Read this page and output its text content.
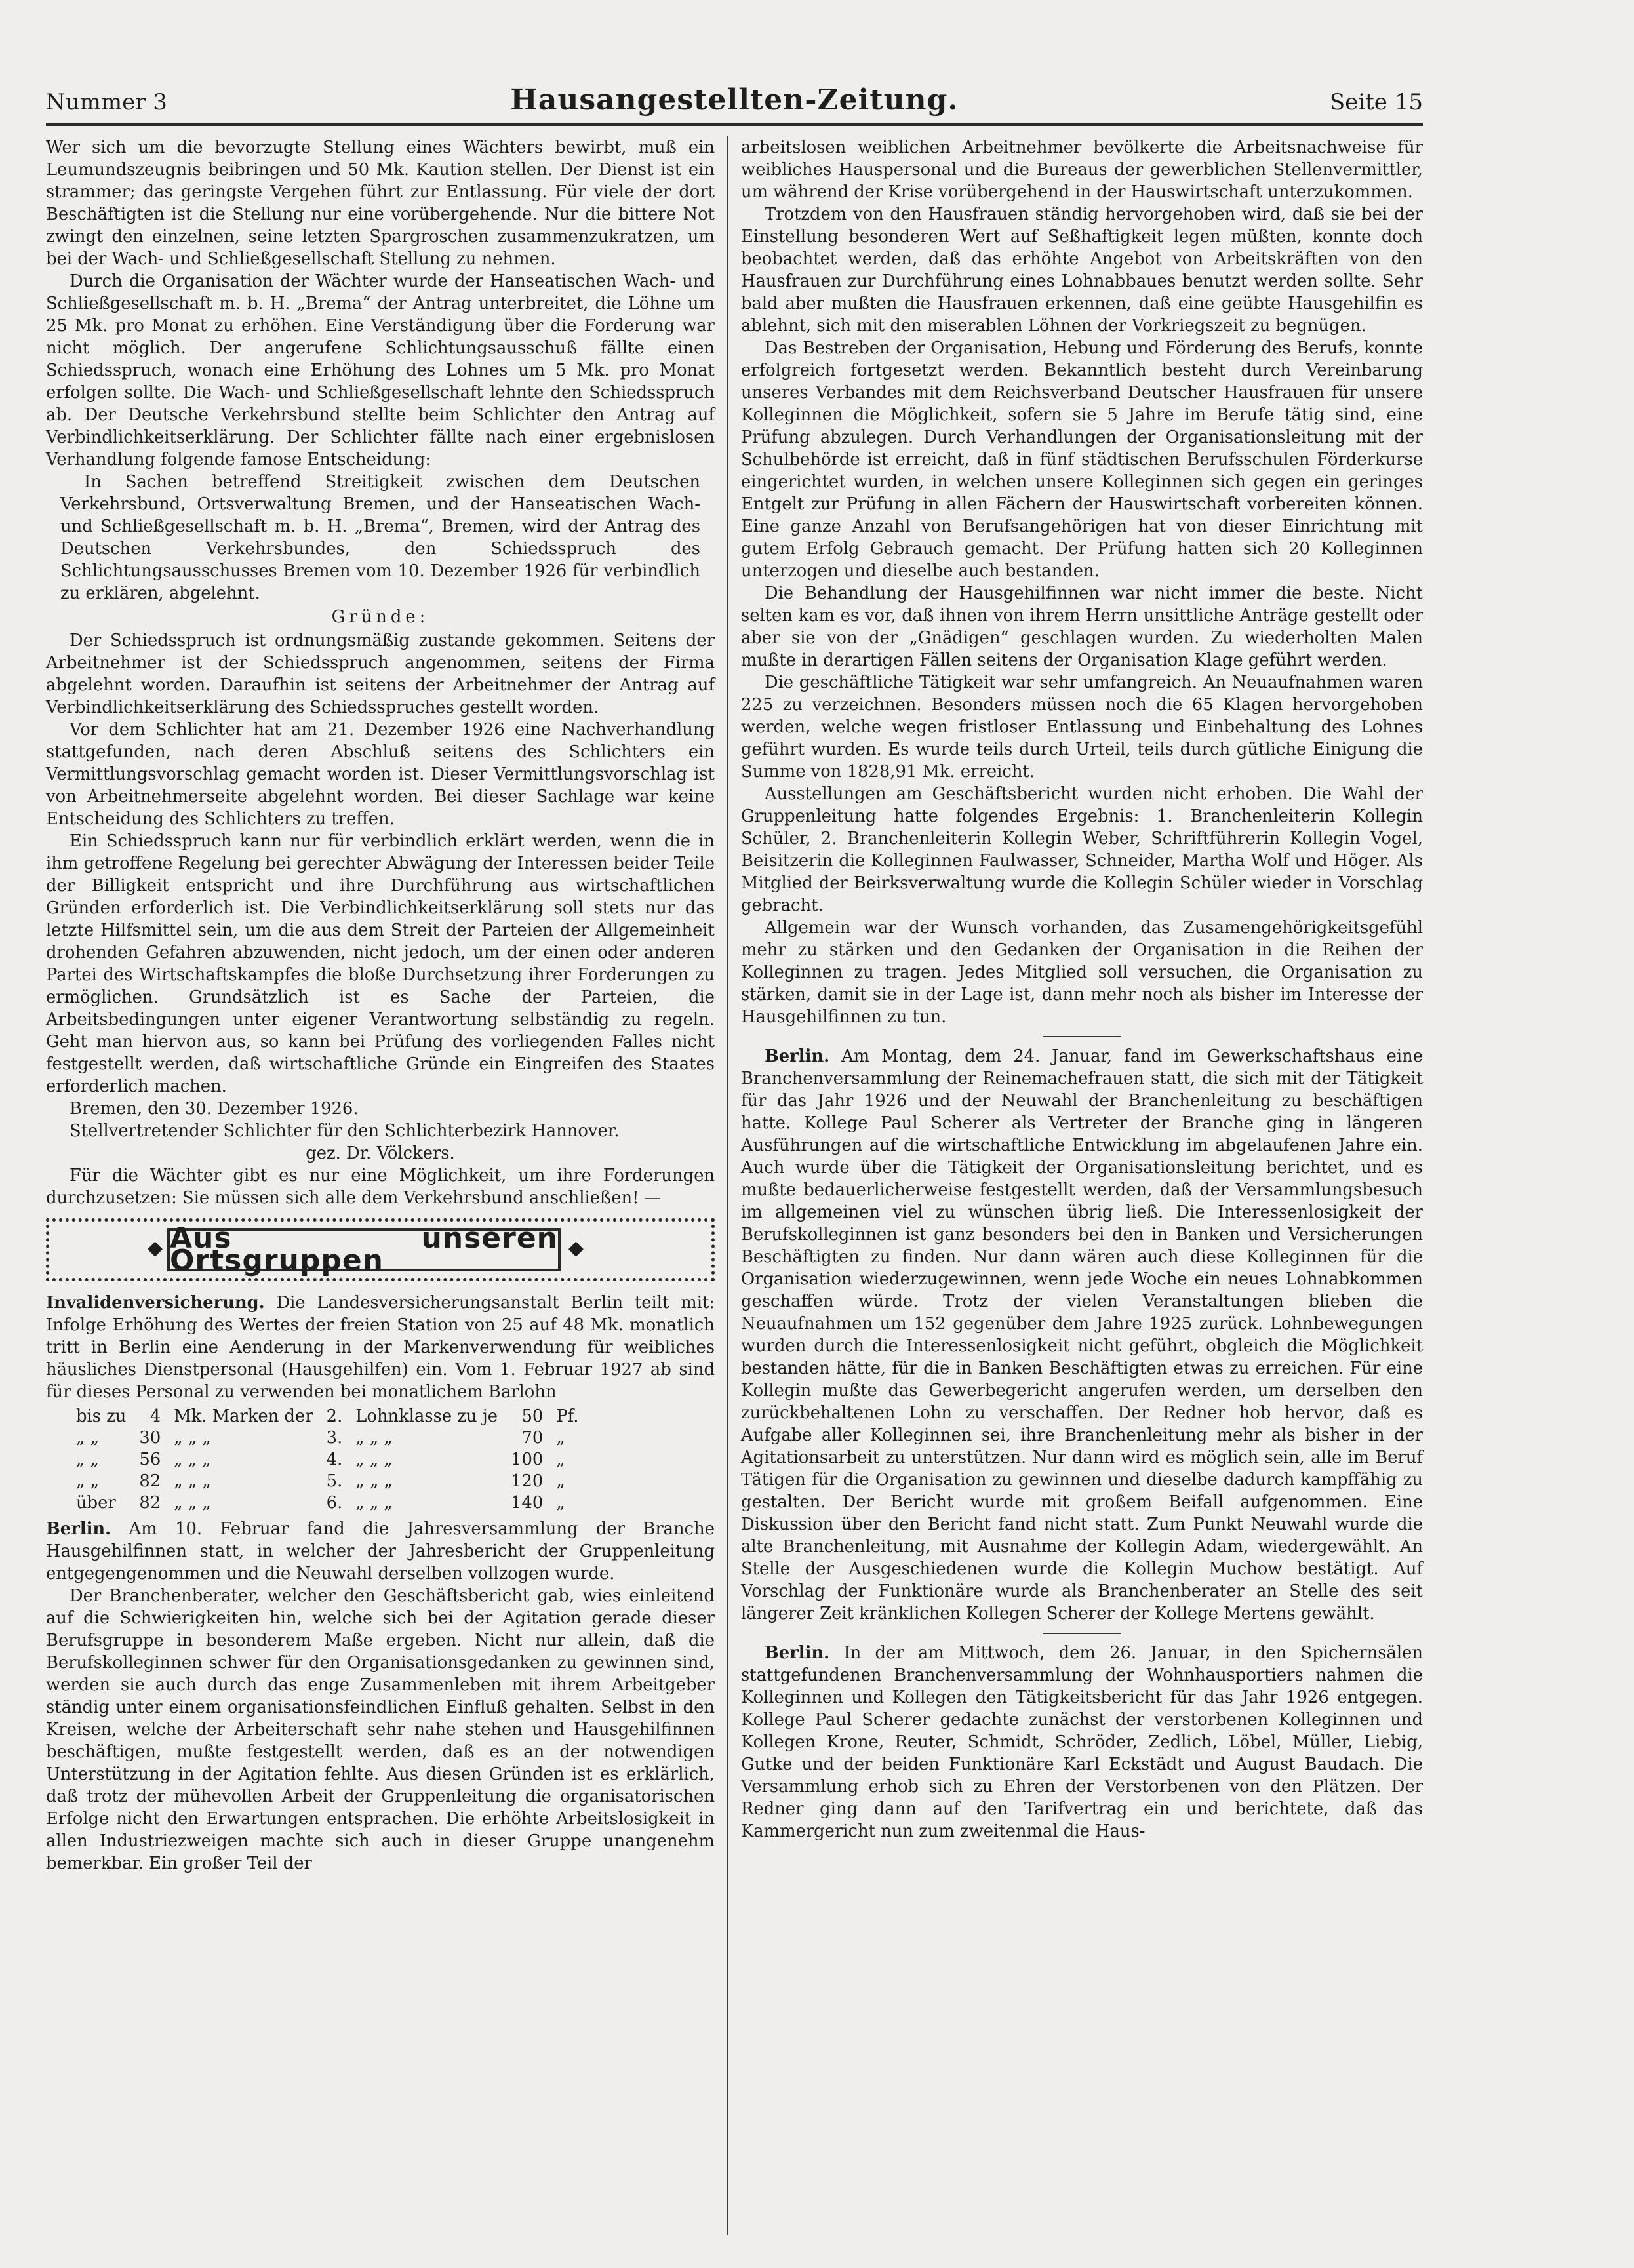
Nummer 3	Hausangestellten-Zeitung.	Seite 15

Wer sich um die bevorzugte Stellung eines Wächters bewirbt, muß ein Leumundszeugnis beibringen und 50 Mk. Kaution stellen. Der Dienst ist ein strammer; das geringste Vergehen führt zur Entlassung. Für viele der dort Beschäftigten ist die Stellung nur eine vorübergehende. Nur die bittere Not zwingt den einzelnen, seine letzten Spargroschen zusammenzukratzen, um bei der Wach- und Schließgesellschaft Stellung zu nehmen.

Durch die Organisation der Wächter wurde der Hanseatischen Wach- und Schließgesellschaft m. b. H. „Brema“ der Antrag unterbreitet, die Löhne um 25 Mk. pro Monat zu erhöhen. Eine Verständigung über die Forderung war nicht möglich. Der angerufene Schlichtungsausschuß fällte einen Schiedsspruch, wonach eine Erhöhung des Lohnes um 5 Mk. pro Monat erfolgen sollte. Die Wach- und Schließgesellschaft lehnte den Schiedsspruch ab. Der Deutsche Verkehrsbund stellte beim Schlichter den Antrag auf Verbindlichkeitserklärung. Der Schlichter fällte nach einer ergebnislosen Verhandlung folgende famose Entscheidung:

In Sachen betreffend Streitigkeit zwischen dem Deutschen Verkehrsbund, Ortsverwaltung Bremen, und der Hanseatischen Wach- und Schließgesellschaft m. b. H. „Brema“, Bremen, wird der Antrag des Deutschen Verkehrsbundes, den Schiedsspruch des Schlichtungsausschusses Bremen vom 10. Dezember 1926 für verbindlich zu erklären, abgelehnt.

Gründe:

Der Schiedsspruch ist ordnungsmäßig zustande gekommen. Seitens der Arbeitnehmer ist der Schiedsspruch angenommen, seitens der Firma abgelehnt worden. Daraufhin ist seitens der Arbeitnehmer der Antrag auf Verbindlichkeitserklärung des Schiedsspruches gestellt worden.

Vor dem Schlichter hat am 21. Dezember 1926 eine Nachverhandlung stattgefunden, nach deren Abschluß seitens des Schlichters ein Vermittlungsvorschlag gemacht worden ist. Dieser Vermittlungsvorschlag ist von Arbeitnehmerseite abgelehnt worden. Bei dieser Sachlage war keine Entscheidung des Schlichters zu treffen.

Ein Schiedsspruch kann nur für verbindlich erklärt werden, wenn die in ihm getroffene Regelung bei gerechter Abwägung der Interessen beider Teile der Billigkeit entspricht und ihre Durchführung aus wirtschaftlichen Gründen erforderlich ist. Die Verbindlichkeitserklärung soll stets nur das letzte Hilfsmittel sein, um die aus dem Streit der Parteien der Allgemeinheit drohenden Gefahren abzuwenden, nicht jedoch, um der einen oder anderen Partei des Wirtschaftskampfes die bloße Durchsetzung ihrer Forderungen zu ermöglichen. Grundsätzlich ist es Sache der Parteien, die Arbeitsbedingungen unter eigener Verantwortung selbständig zu regeln. Geht man hiervon aus, so kann bei Prüfung des vorliegenden Falles nicht festgestellt werden, daß wirtschaftliche Gründe ein Eingreifen des Staates erforderlich machen.

Bremen, den 30. Dezember 1926.

Stellvertretender Schlichter für den Schlichterbezirk Hannover.

gez. Dr. Völckers.

Für die Wächter gibt es nur eine Möglichkeit, um ihre Forderungen durchzusetzen: Sie müssen sich alle dem Verkehrsbund anschließen! —

◆ Aus unseren Ortsgruppen	◆

Invalidenversicherung. Die Landesversicherungsanstalt Berlin teilt mit: Infolge Erhöhung des Wertes der freien Station von 25 auf 48 Mk. monatlich tritt in Berlin eine Aenderung in der Markenverwendung für weibliches häusliches Dienstpersonal (Hausgehilfen) ein. Vom 1. Februar 1927 ab sind für dieses Personal zu verwenden bei monatlichem Barlohn

bis zu	4	Mk. Marken der	2.	Lohnklasse zu je	50	Pf.
„ „	30	„ „ „	3.	„ „ „	70	„
„ „	56	„ „ „	4.	„ „ „	100	„
„ „	82	„ „ „	5.	„ „ „	120	„
über	82	„ „ „	6.	„ „ „	140	„

Berlin. Am 10. Februar fand die Jahresversammlung der Branche Hausgehilfinnen statt, in welcher der Jahresbericht der Gruppenleitung entgegengenommen und die Neuwahl derselben vollzogen wurde.

Der Branchenberater, welcher den Geschäftsbericht gab, wies einleitend auf die Schwierigkeiten hin, welche sich bei der Agitation gerade dieser Berufsgruppe in besonderem Maße ergeben. Nicht nur allein, daß die Berufskolleginnen schwer für den Organisationsgedanken zu gewinnen sind, werden sie auch durch das enge Zusammenleben mit ihrem Arbeitgeber ständig unter einem organisationsfeindlichen Einfluß gehalten. Selbst in den Kreisen, welche der Arbeiterschaft sehr nahe stehen und Hausgehilfinnen beschäftigen, mußte festgestellt werden, daß es an der notwendigen Unterstützung in der Agitation fehlte. Aus diesen Gründen ist es erklärlich, daß trotz der mühevollen Arbeit der Gruppenleitung die organisatorischen Erfolge nicht den Erwartungen entsprachen. Die erhöhte Arbeitslosigkeit in allen Industriezweigen machte sich auch in dieser Gruppe unangenehm bemerkbar. Ein großer Teil der

arbeitslosen weiblichen Arbeitnehmer bevölkerte die Arbeitsnachweise für weibliches Hauspersonal und die Bureaus der gewerblichen Stellenvermittler, um während der Krise vorübergehend in der Hauswirtschaft unterzukommen.

Trotzdem von den Hausfrauen ständig hervorgehoben wird, daß sie bei der Einstellung besonderen Wert auf Seßhaftigkeit legen müßten, konnte doch beobachtet werden, daß das erhöhte Angebot von Arbeitskräften von den Hausfrauen zur Durchführung eines Lohnabbaues benutzt werden sollte. Sehr bald aber mußten die Hausfrauen erkennen, daß eine geübte Hausgehilfin es ablehnt, sich mit den miserablen Löhnen der Vorkriegszeit zu begnügen.

Das Bestreben der Organisation, Hebung und Förderung des Berufs, konnte erfolgreich fortgesetzt werden. Bekanntlich besteht durch Vereinbarung unseres Verbandes mit dem Reichsverband Deutscher Hausfrauen für unsere Kolleginnen die Möglichkeit, sofern sie 5 Jahre im Berufe tätig sind, eine Prüfung abzulegen. Durch Verhandlungen der Organisationsleitung mit der Schulbehörde ist erreicht, daß in fünf städtischen Berufsschulen Förderkurse eingerichtet wurden, in welchen unsere Kolleginnen sich gegen ein geringes Entgelt zur Prüfung in allen Fächern der Hauswirtschaft vorbereiten können. Eine ganze Anzahl von Berufsangehörigen hat von dieser Einrichtung mit gutem Erfolg Gebrauch gemacht. Der Prüfung hatten sich 20 Kolleginnen unterzogen und dieselbe auch bestanden.

Die Behandlung der Hausgehilfinnen war nicht immer die beste. Nicht selten kam es vor, daß ihnen von ihrem Herrn unsittliche Anträge gestellt oder aber sie von der „Gnädigen“ geschlagen wurden. Zu wiederholten Malen mußte in derartigen Fällen seitens der Organisation Klage geführt werden.

Die geschäftliche Tätigkeit war sehr umfangreich. An Neuaufnahmen waren 225 zu verzeichnen. Besonders müssen noch die 65 Klagen hervorgehoben werden, welche wegen fristloser Entlassung und Einbehaltung des Lohnes geführt wurden. Es wurde teils durch Urteil, teils durch gütliche Einigung die Summe von 1828,91 Mk. erreicht.

Ausstellungen am Geschäftsbericht wurden nicht erhoben. Die Wahl der Gruppenleitung hatte folgendes Ergebnis: 1. Branchenleiterin Kollegin Schüler, 2. Branchenleiterin Kollegin Weber, Schriftführerin Kollegin Vogel, Beisitzerin die Kolleginnen Faulwasser, Schneider, Martha Wolf und Höger. Als Mitglied der Beirksverwaltung wurde die Kollegin Schüler wieder in Vorschlag gebracht.

Allgemein war der Wunsch vorhanden, das Zusamengehörigkeitsgefühl mehr zu stärken und den Gedanken der Organisation in die Reihen der Kolleginnen zu tragen. Jedes Mitglied soll versuchen, die Organisation zu stärken, damit sie in der Lage ist, dann mehr noch als bisher im Interesse der Hausgehilfinnen zu tun.

Berlin. Am Montag, dem 24. Januar, fand im Gewerkschaftshaus eine Branchenversammlung der Reinemachefrauen statt, die sich mit der Tätigkeit für das Jahr 1926 und der Neuwahl der Branchenleitung zu beschäftigen hatte. Kollege Paul Scherer als Vertreter der Branche ging in längeren Ausführungen auf die wirtschaftliche Entwicklung im abgelaufenen Jahre ein. Auch wurde über die Tätigkeit der Organisationsleitung berichtet, und es mußte bedauerlicherweise festgestellt werden, daß der Versammlungsbesuch im allgemeinen viel zu wünschen übrig ließ. Die Interessenlosigkeit der Berufskolleginnen ist ganz besonders bei den in Banken und Versicherungen Beschäftigten zu finden. Nur dann wären auch diese Kolleginnen für die Organisation wiederzugewinnen, wenn jede Woche ein neues Lohnabkommen geschaffen würde. Trotz der vielen Veranstaltungen blieben die Neuaufnahmen um 152 gegenüber dem Jahre 1925 zurück. Lohnbewegungen wurden durch die Interessenlosigkeit nicht geführt, obgleich die Möglichkeit bestanden hätte, für die in Banken Beschäftigten etwas zu erreichen. Für eine Kollegin mußte das Gewerbegericht angerufen werden, um derselben den zurückbehaltenen Lohn zu verschaffen. Der Redner hob hervor, daß es Aufgabe aller Kolleginnen sei, ihre Branchenleitung mehr als bisher in der Agitationsarbeit zu unterstützen. Nur dann wird es möglich sein, alle im Beruf Tätigen für die Organisation zu gewinnen und dieselbe dadurch kampffähig zu gestalten. Der Bericht wurde mit großem Beifall aufgenommen. Eine Diskussion über den Bericht fand nicht statt. Zum Punkt Neuwahl wurde die alte Branchenleitung, mit Ausnahme der Kollegin Adam, wiedergewählt. An Stelle der Ausgeschiedenen wurde die Kollegin Muchow bestätigt. Auf Vorschlag der Funktionäre wurde als Branchenberater an Stelle des seit längerer Zeit kränklichen Kollegen Scherer der Kollege Mertens gewählt.

Berlin. In der am Mittwoch, dem 26. Januar, in den Spichernsälen stattgefundenen Branchenversammlung der Wohnhausportiers nahmen die Kolleginnen und Kollegen den Tätigkeitsbericht für das Jahr 1926 entgegen. Kollege Paul Scherer gedachte zunächst der verstorbenen Kolleginnen und Kollegen Krone, Reuter, Schmidt, Schröder, Zedlich, Löbel, Müller, Liebig, Gutke und der beiden Funktionäre Karl Eckstädt und August Baudach. Die Versammlung erhob sich zu Ehren der Verstorbenen von den Plätzen. Der Redner ging dann auf den Tarifvertrag ein und berichtete, daß das Kammergericht nun zum zweitenmal die Haus-
